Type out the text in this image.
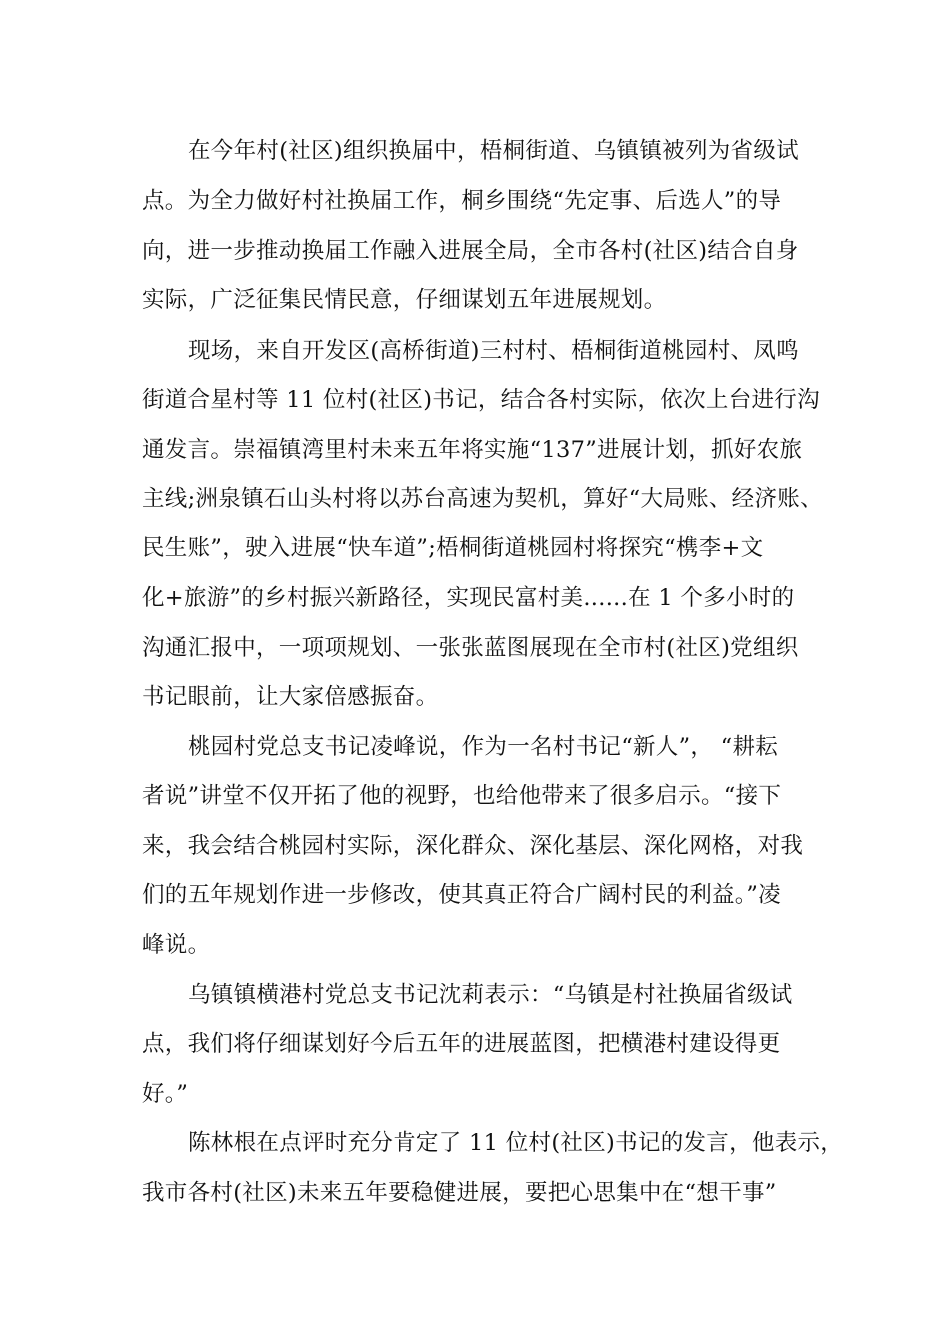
在今年村(社区)组织换届中，梧桐街道、乌镇镇被列为省级试
点。为全力做好村社换届工作，桐乡围绕“先定事、后选人”的导
向，进一步推动换届工作融入进展全局，全市各村(社区)结合自身
实际，广泛征集民情民意，仔细谋划五年进展规划。
现场，来自开发区(高桥街道)三村村、梧桐街道桃园村、凤鸣
街道合星村等 11 位村(社区)书记，结合各村实际，依次上台进行沟
通发言。崇福镇湾里村未来五年将实施“137”进展计划，抓好农旅
主线;洲泉镇石山头村将以苏台高速为契机，算好“大局账、经济账、
民生账”，驶入进展“快车道”;梧桐街道桃园村将探究“槜李+文
化+旅游”的乡村振兴新路径，实现民富村美......在 1 个多小时的
沟通汇报中，一项项规划、一张张蓝图展现在全市村(社区)党组织
书记眼前，让大家倍感振奋。
桃园村党总支书记凌峰说，作为一名村书记“新人”， “耕耘
者说”讲堂不仅开拓了他的视野，也给他带来了很多启示。“接下
来，我会结合桃园村实际，深化群众、深化基层、深化网格，对我
们的五年规划作进一步修改，使其真正符合广阔村民的利益。”凌
峰说。
乌镇镇横港村党总支书记沈莉表示：“乌镇是村社换届省级试
点，我们将仔细谋划好今后五年的进展蓝图，把横港村建设得更
好。”
陈林根在点评时充分肯定了 11 位村(社区)书记的发言，他表示，
我市各村(社区)未来五年要稳健进展，要把心思集中在“想干事”
